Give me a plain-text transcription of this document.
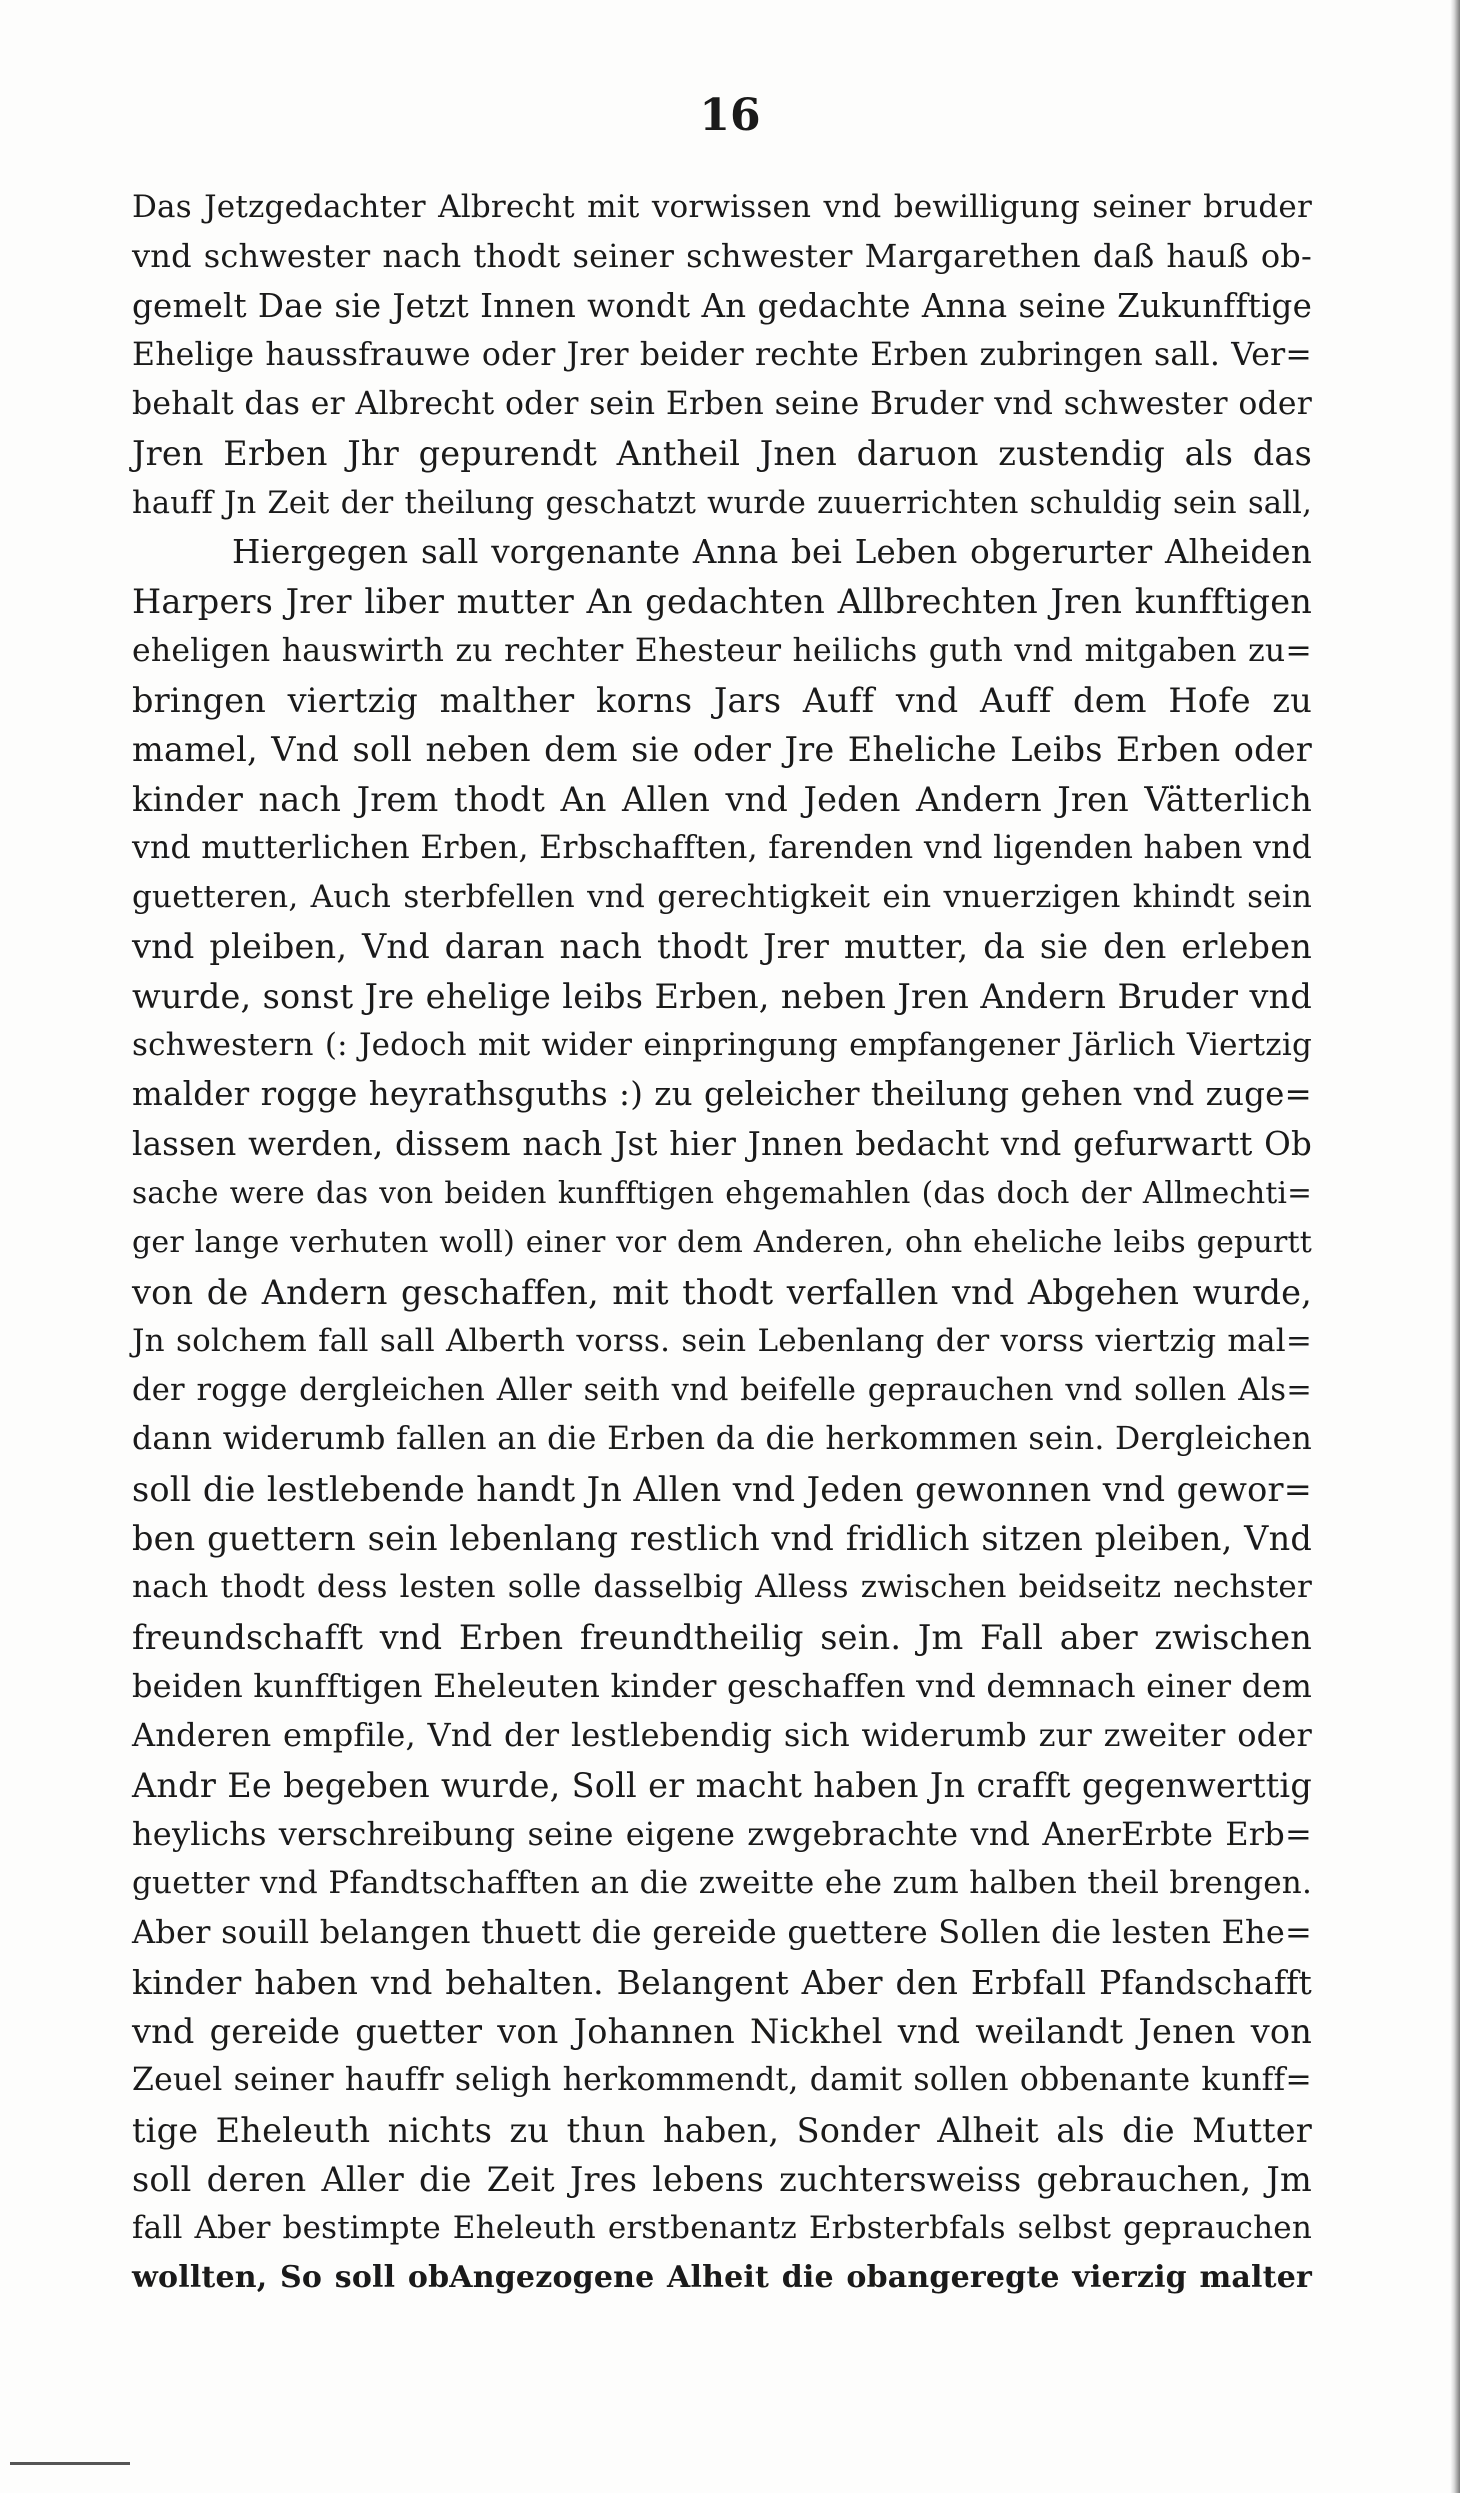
16
Das Jetzgedachter Albrecht mit vorwissen vnd bewilligung seiner bruder
vnd schwester nach thodt seiner schwester Margarethen daß hauß ob-
gemelt Dae sie Jetzt Innen wondt An gedachte Anna seine Zukunfftige
Ehelige haussfrauwe oder Jrer beider rechte Erben zubringen sall. Ver=
behalt das er Albrecht oder sein Erben seine Bruder vnd schwester oder
Jren Erben Jhr gepurendt Antheil Jnen daruon zustendig als das
hauff Jn Zeit der theilung geschatzt wurde zuuerrichten schuldig sein sall,
Hiergegen sall vorgenante Anna bei Leben obgerurter Alheiden
Harpers Jrer liber mutter An gedachten Allbrechten Jren kunfftigen
eheligen hauswirth zu rechter Ehesteur heilichs guth vnd mitgaben zu=
bringen viertzig malther korns Jars Auff vnd Auff dem Hofe zu
mamel, Vnd soll neben dem sie oder Jre Eheliche Leibs Erben oder
kinder nach Jrem thodt An Allen vnd Jeden Andern Jren Vätterlich
vnd mutterlichen Erben, Erbschafften, farenden vnd ligenden haben vnd
guetteren, Auch sterbfellen vnd gerechtigkeit ein vnuerzigen khindt sein
vnd pleiben, Vnd daran nach thodt Jrer mutter, da sie den erleben
wurde, sonst Jre ehelige leibs Erben, neben Jren Andern Bruder vnd
schwestern (: Jedoch mit wider einpringung empfangener Järlich Viertzig
malder rogge heyrathsguths :) zu geleicher theilung gehen vnd zuge=
lassen werden, dissem nach Jst hier Jnnen bedacht vnd gefurwartt Ob
sache were das von beiden kunfftigen ehgemahlen (das doch der Allmechti=
ger lange verhuten woll) einer vor dem Anderen, ohn eheliche leibs gepurtt
von de Andern geschaffen, mit thodt verfallen vnd Abgehen wurde,
Jn solchem fall sall Alberth vorss. sein Lebenlang der vorss viertzig mal=
der rogge dergleichen Aller seith vnd beifelle geprauchen vnd sollen Als=
dann widerumb fallen an die Erben da die herkommen sein. Dergleichen
soll die lestlebende handt Jn Allen vnd Jeden gewonnen vnd gewor=
ben guettern sein lebenlang restlich vnd fridlich sitzen pleiben, Vnd
nach thodt dess lesten solle dasselbig Alless zwischen beidseitz nechster
freundschafft vnd Erben freundtheilig sein. Jm Fall aber zwischen
beiden kunfftigen Eheleuten kinder geschaffen vnd demnach einer dem
Anderen empfile, Vnd der lestlebendig sich widerumb zur zweiter oder
Andr Ee begeben wurde, Soll er macht haben Jn crafft gegenwerttig
heylichs verschreibung seine eigene zwgebrachte vnd AnerErbte Erb=
guetter vnd Pfandtschafften an die zweitte ehe zum halben theil brengen.
Aber souill belangen thuett die gereide guettere Sollen die lesten Ehe=
kinder haben vnd behalten. Belangent Aber den Erbfall Pfandschafft
vnd gereide guetter von Johannen Nickhel vnd weilandt Jenen von
Zeuel seiner hauffr seligh herkommendt, damit sollen obbenante kunff=
tige Eheleuth nichts zu thun haben, Sonder Alheit als die Mutter
soll deren Aller die Zeit Jres lebens zuchtersweiss gebrauchen, Jm
fall Aber bestimpte Eheleuth erstbenantz Erbsterbfals selbst geprauchen
wollten, So soll obAngezogene Alheit die obangeregte vierzig malter
